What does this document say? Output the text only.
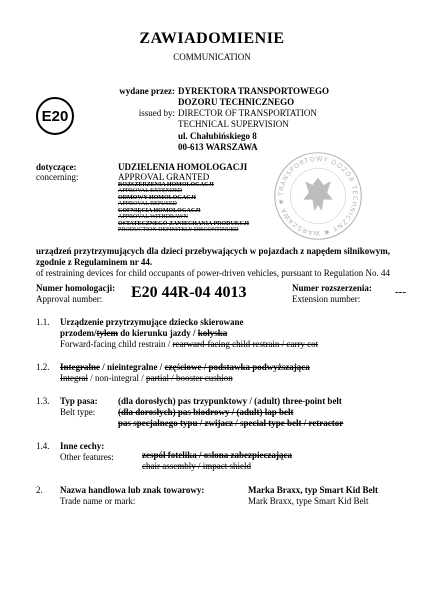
ZAWIADOMIENIE
COMMUNICATION
E20
wydane przez: DYREKTORA TRANSPORTOWEGO
DOZORU TECHNICZNEGO
issued by: DIRECTOR OF TRANSPORTATION
TECHNICAL SUPERVISION
ul. Chałubińskiego 8
00-613 WARSZAWA
dotyczące:
concerning:
UDZIELENIA HOMOLOGACJI
APPROVAL GRANTED
ROZSZERZENIA HOMOLOGACJI
APPROVAL EXTENDED
ODMOWY HOMOLOGACJI
APPROVAL REFUSED
COFNIĘCIA HOMOLOGACJI
APPROVAL WITHDRAWN
OSTATECZNEGO ZANIECHANIA PRODUKCJI
PRODUCTION DEFINITELY DISCONTINUED
TRANSPORTOWY DOZÓR TECHNICZNY ✱ WARSZAWA ✱
urządzeń przytrzymujących dla dzieci przebywających w pojazdach z napędem silnikowym,
zgodnie z Regulaminem nr 44.
of restraining devices for child occupants of power-driven vehicles, pursuant to Regulation No. 44
Numer homologacji:
Approval number: E20 44R-04 4013	Numer rozszerzenia:
Extension number:
---
1.1. Urządzenie przytrzymujące dziecko skierowane
przodem/tyłem do kierunku jazdy / kołyska
Forward-facing child restrain / rearward-facing child restrain / carry cot
1.2. Integralne / nieintegralne / częściowe / podstawka podwyższająca
Integral / non-integral / partial / booster cushion
1.3. Typ pasa:
Belt type:
(dla dorosłych) pas trzypunktowy / (adult) three-point belt
(dla dorosłych) pas biodrowy / (adult) lap belt
pas specjalnego typu / zwijacz / special type belt / retractor
1.4. Inne cechy:
Other features:	zespół fotelika / osłona zabezpieczająca
chair assembly / impact shield
2. Nazwa handlowa lub znak towarowy:
Trade name or mark:
Marka Braxx, typ Smart Kid Belt
Mark Braxx, type Smart Kid Belt
